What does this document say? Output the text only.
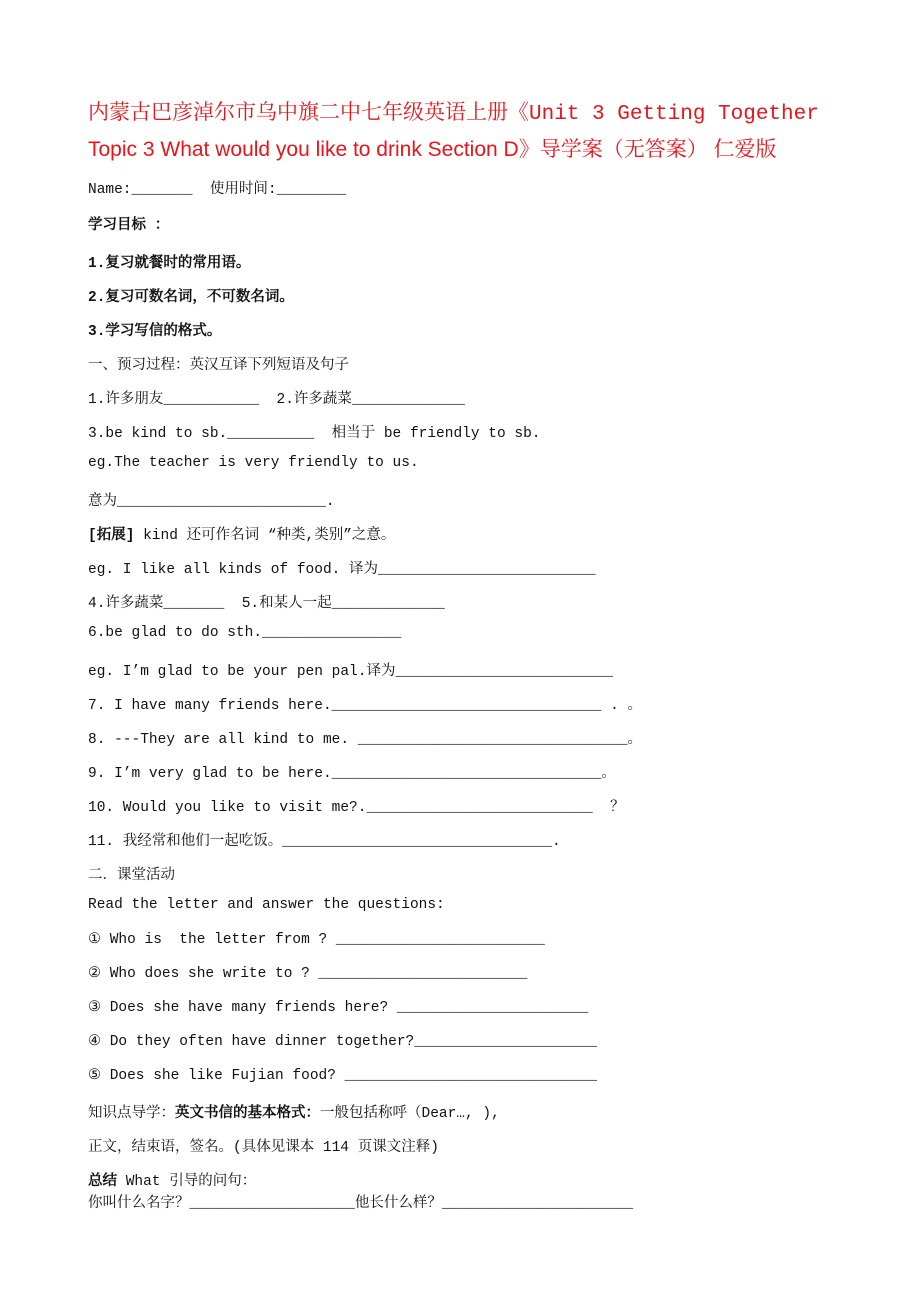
内蒙古巴彦淖尔市乌中旗二中七年级英语上册《Unit 3 Getting Together
Topic 3 What would you like to drink Section D》导学案（无答案） 仁爱版
Name:_______  使用时间:________
学习目标 ：
1.复习就餐时的常用语。
2.复习可数名词，不可数名词。
3.学习写信的格式。
一、预习过程：英汉互译下列短语及句子
1.许多朋友___________  2.许多蔬菜_____________
3.be kind to sb.__________  相当于 be friendly to sb.
eg.The teacher is very friendly to us.
意为________________________.
[拓展] kind 还可作名词 “种类,类别”之意。
eg. I like all kinds of food. 译为_________________________
4.许多蔬菜_______  5.和某人一起_____________
6.be glad to do sth.________________
eg. I’m glad to be your pen pal.译为_________________________
7. I have many friends here._______________________________ . 。
8. ---They are all kind to me. _______________________________。
9. I’m very glad to be here._______________________________。
10. Would you like to visit me?.__________________________  ？
11. 我经常和他们一起吃饭。_______________________________.
二．课堂活动
Read the letter and answer the questions:
① Who is  the letter from ? ________________________
② Who does she write to ? ________________________
③ Does she have many friends here? ______________________
④ Do they often have dinner together?_____________________
⑤ Does she like Fujian food? _____________________________
知识点导学：英文书信的基本格式：一般包括称呼（Dear…, ),
正文，结束语，签名。(具体见课本 114 页课文注释)
总结 What 引导的问句：
你叫什么名字？___________________他长什么样？______________________
